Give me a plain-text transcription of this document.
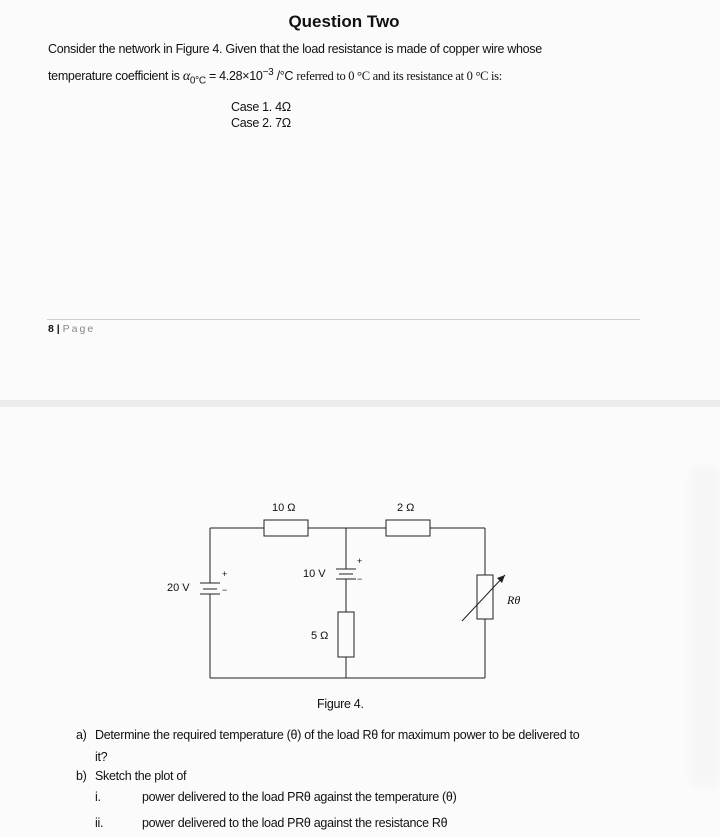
Question Two
Consider the network in Figure 4. Given that the load resistance is made of copper wire whose
temperature coefficient is $\alpha_{0^\circ C} = 4.28\times 10^{-3}$ /°C referred to 0 °C and its resistance at 0 °C is:
Case 1. 4Ω
Case 2. 7Ω
8 | Page
10 Ω	2 Ω
20 V
+
−
10 V
+
−
5 Ω
Rθ
Figure 4.
a) Determine the required temperature (θ) of the load Rθ for maximum power to be delivered to
it?
b) Sketch the plot of
i.	power delivered to the load PRθ against the temperature (θ)
ii.	power delivered to the load PRθ against the resistance Rθ
